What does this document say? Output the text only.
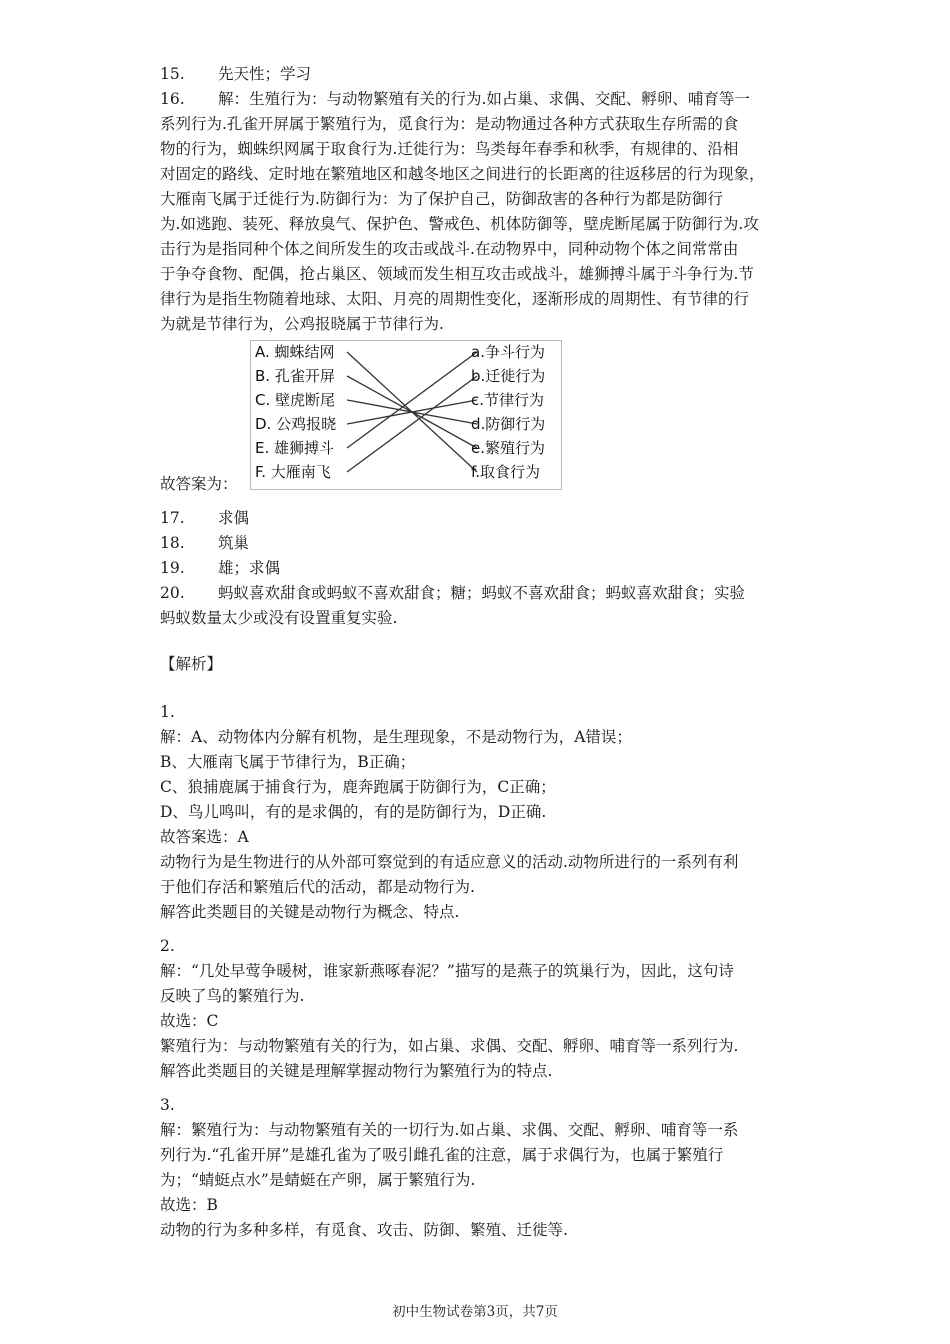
15. 先天性；学习
16. 解：生殖行为：与动物繁殖有关的行为.如占巢、求偶、交配、孵卵、哺育等一
系列行为.孔雀开屏属于繁殖行为，觅食行为：是动物通过各种方式获取生存所需的食
物的行为，蜘蛛织网属于取食行为.迁徙行为：鸟类每年春季和秋季，有规律的、沿相
对固定的路线、定时地在繁殖地区和越冬地区之间进行的长距离的往返移居的行为现象，
大雁南飞属于迁徙行为.防御行为：为了保护自己，防御敌害的各种行为都是防御行
为.如逃跑、装死、释放臭气、保护色、警戒色、机体防御等，壁虎断尾属于防御行为.攻
击行为是指同种个体之间所发生的攻击或战斗.在动物界中，同种动物个体之间常常由
于争夺食物、配偶，抢占巢区、领域而发生相互攻击或战斗，雄狮搏斗属于斗争行为.节
律行为是指生物随着地球、太阳、月亮的周期性变化，逐渐形成的周期性、有节律的行
为就是节律行为，公鸡报晓属于节律行为.
A. 蜘蛛结网
B. 孔雀开屏
C. 壁虎断尾
D. 公鸡报晓
E. 雄狮搏斗
F. 大雁南飞
a.争斗行为
b.迁徙行为
c.节律行为
d.防御行为
e.繁殖行为
f.取食行为
故答案为：
17. 求偶
18. 筑巢
19. 雄；求偶
20. 蚂蚁喜欢甜食或蚂蚁不喜欢甜食；糖；蚂蚁不喜欢甜食；蚂蚁喜欢甜食；实验
蚂蚁数量太少或没有设置重复实验.
【解析】
1.
解：A、动物体内分解有机物，是生理现象，不是动物行为，A错误；
B、大雁南飞属于节律行为，B正确；
C、狼捕鹿属于捕食行为，鹿奔跑属于防御行为，C正确；
D、鸟儿鸣叫，有的是求偶的，有的是防御行为，D正确.
故答案选：A
动物行为是生物进行的从外部可察觉到的有适应意义的活动.动物所进行的一系列有利
于他们存活和繁殖后代的活动，都是动物行为.
解答此类题目的关键是动物行为概念、特点.
2.
解：“几处早莺争暖树，谁家新燕啄春泥？”描写的是燕子的筑巢行为，因此，这句诗
反映了鸟的繁殖行为.
故选：C
繁殖行为：与动物繁殖有关的行为，如占巢、求偶、交配、孵卵、哺育等一系列行为.
解答此类题目的关键是理解掌握动物行为繁殖行为的特点.
3.
解：繁殖行为：与动物繁殖有关的一切行为.如占巢、求偶、交配、孵卵、哺育等一系
列行为.“孔雀开屏”是雄孔雀为了吸引雌孔雀的注意，属于求偶行为，也属于繁殖行
为；“蜻蜓点水”是蜻蜓在产卵，属于繁殖行为.
故选：B
动物的行为多种多样，有觅食、攻击、防御、繁殖、迁徙等.
初中生物试卷第3页，共7页
